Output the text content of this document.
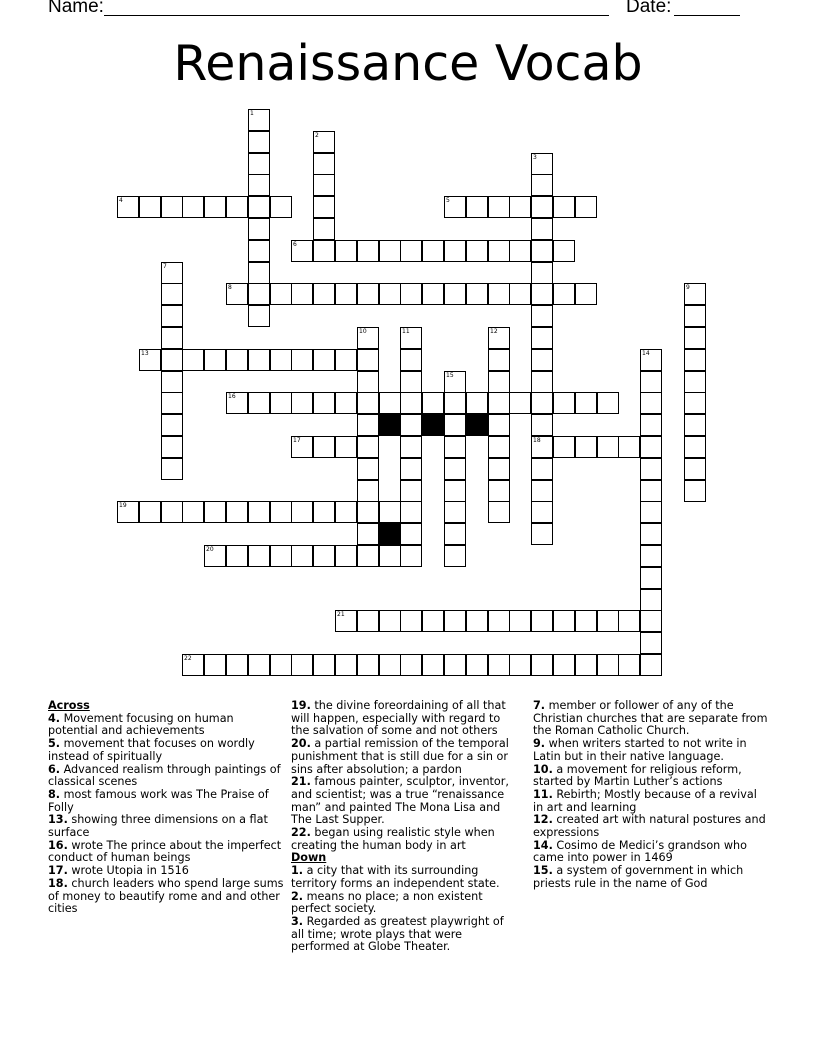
Name:	Date:
Renaissance Vocab
4	5
6
8
13
16
17	18
19
20
21
22
1
2
3
7
9
10	11	12
14
15
Across
4. Movement focusing on human potential and achievements
5. movement that focuses on wordly instead of spiritually
6. Advanced realism through paintings of classical scenes
8. most famous work was The Praise of Folly
13. showing three dimensions on a flat surface
16. wrote The prince about the imperfect conduct of human beings
17. wrote Utopia in 1516
18. church leaders who spend large sums of money to beautify rome and and other cities
19. the divine foreordaining of all that will happen, especially with regard to the salvation of some and not others
20. a partial remission of the temporal punishment that is still due for a sin or sins after absolution; a pardon
21. famous painter, sculptor, inventor, and scientist; was a true “renaissance man” and painted The Mona Lisa and The Last Supper.
22. began using realistic style when creating the human body in art
Down
1. a city that with its surrounding territory forms an independent state.
2. means no place; a non existent perfect society.
3. Regarded as greatest playwright of all time; wrote plays that were performed at Globe Theater.
7. member or follower of any of the Christian churches that are separate from the Roman Catholic Church.
9. when writers started to not write in Latin but in their native language.
10. a movement for religious reform, started by Martin Luther’s actions
11. Rebirth; Mostly because of a revival in art and learning
12. created art with natural postures and expressions
14. Cosimo de Medici’s grandson who came into power in 1469
15. a system of government in which priests rule in the name of God
